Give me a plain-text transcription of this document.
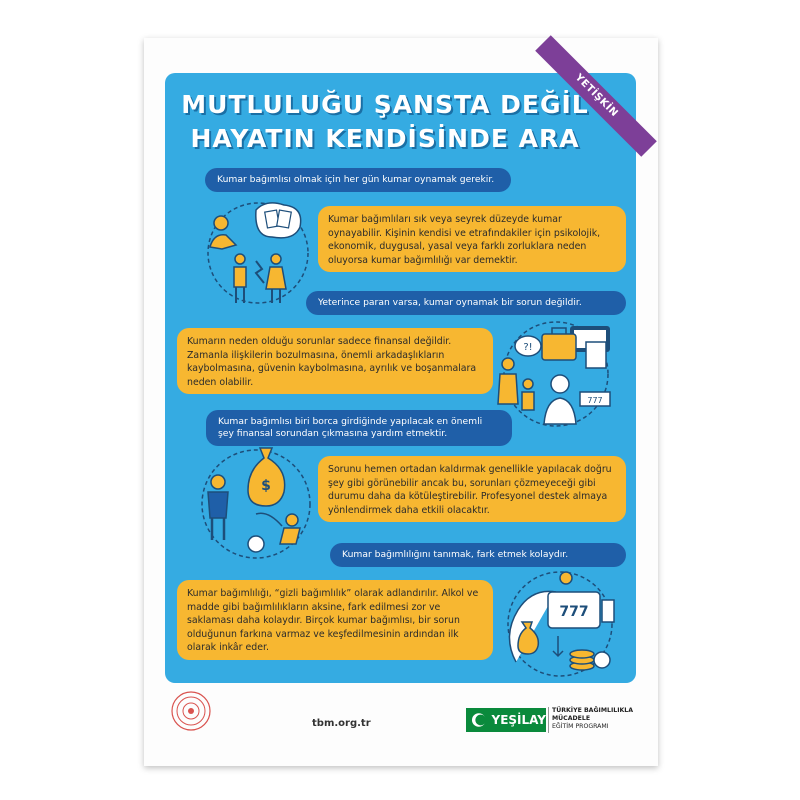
YETİŞKİN
MUTLULUĞU ŞANSTA DEĞİL
HAYATIN KENDİSİNDE ARA
Kumar bağımlısı olmak için her gün kumar oynamak gerekir.
Kumar bağımlıları sık veya seyrek düzeyde kumar oynayabilir. Kişinin kendisi ve etrafındakiler için psikolojik, ekonomik, duygusal, yasal veya farklı zorluklara neden oluyorsa kumar bağımlılığı var demektir.
Yeterince paran varsa, kumar oynamak bir sorun değildir.
Kumarın neden olduğu sorunlar sadece finansal değildir. Zamanla ilişkilerin bozulmasına, önemli arkadaşlıkların kaybolmasına, güvenin kaybolmasına, ayrılık ve boşanmalara neden olabilir.
?!
777
Kumar bağımlısı biri borca girdiğinde yapılacak en önemli şey finansal sorundan çıkmasına yardım etmektir.
Sorunu hemen ortadan kaldırmak genellikle yapılacak doğru şey gibi görünebilir ancak bu, sorunları çözmeyeceği gibi durumu daha da kötüleştirebilir. Profesyonel destek almaya yönlendirmek daha etkili olacaktır.
$
Kumar bağımlılığını tanımak, fark etmek kolaydır.
Kumar bağımlılığı, “gizli bağımlılık” olarak adlandırılır. Alkol ve madde gibi bağımlılıkların aksine, fark edilmesi zor ve saklaması daha kolaydır. Birçok kumar bağımlısı, bir sorun olduğunun farkına varmaz ve keşfedilmesinin ardından ilk olarak inkâr eder.
777
tbm.org.tr	YEŞİLAY
TÜRKİYE BAĞIMLILIKLA
MÜCADELE
EĞİTİM PROGRAMI
